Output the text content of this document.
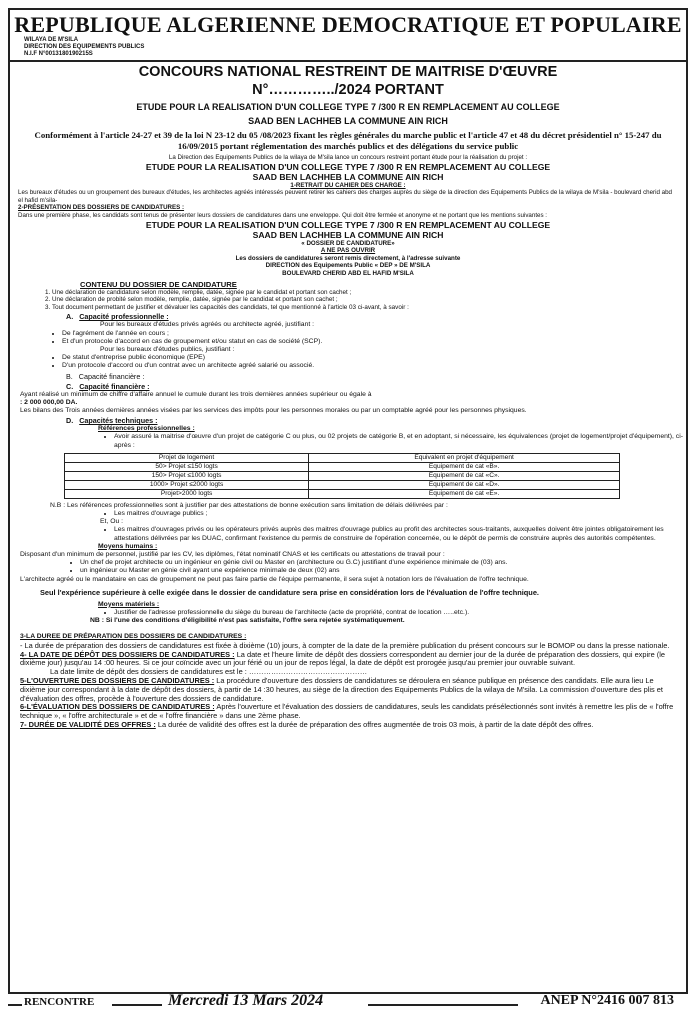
REPUBLIQUE ALGERIENNE DEMOCRATIQUE ET POPULAIRE
WILAYA DE M'SILA
DIRECTION DES EQUIPEMENTS PUBLICS
N.I.F N°0013180190215S
CONCOURS NATIONAL RESTREINT DE MAITRISE D'ŒUVRE
N°…………../2024 PORTANT
ETUDE POUR LA REALISATION D'UN COLLEGE TYPE 7 /300 R EN REMPLACEMENT AU COLLEGE
SAAD BEN LACHHEB LA COMMUNE AIN RICH
Conformément à l'article 24-27 et 39 de la loi N 23-12 du 05 /08/2023 fixant les règles générales du marche public et l'article 47 et 48 du décret présidentiel n° 15-247 du 16/09/2015 portant réglementation des marchés publics et des délégations du service public
La Direction des Equipements Publics de la wilaya de M'sila lance un concours restreint portant étude pour la réalisation du projet :
ETUDE POUR LA REALISATION D'UN COLLEGE TYPE 7 /300 R EN REMPLACEMENT AU COLLEGE
SAAD BEN LACHHEB LA COMMUNE AIN RICH
1-RETRAIT DU CAHIER DES CHARGE :
Les bureaux d'études ou un groupement des bureaux d'études, les architectes agréés intéressés peuvent retirer les cahiers des charges auprès du siège de la direction des Equipements Publics de la wilaya de M'sila - boulevard cherid abd el hafid m'sila-
2-PRÉSENTATION DES DOSSIERS DE CANDIDATURES :
Dans une première phase, les candidats sont tenus de présenter leurs dossiers de candidatures dans une enveloppe. Qui doit être fermée et anonyme et ne portant que les mentions suivantes :
ETUDE POUR LA REALISATION D'UN COLLEGE TYPE 7 /300 R EN REMPLACEMENT AU COLLEGE
SAAD BEN LACHHEB LA COMMUNE AIN RICH
« DOSSIER DE CANDIDATURE»
A NE PAS OUVRIR
Les dossiers de candidatures seront remis directement, à l'adresse suivante
DIRECTION des Equipements Public « DEP » DE M'SILA
BOULEVARD CHERID ABD EL HAFID M'SILA
CONTENU DU DOSSIER DE CANDIDATURE
1. Une déclaration de candidature selon modèle, remplie, datée, signée par le candidat et portant son cachet ;
2. Une déclaration de probité selon modèle, remplie, datée, signée par le candidat et portant son cachet ;
3. Tout document permettant de justifier et dévaluer les capacités des candidats, tel que mentionné à l'article 03 ci-avant, à savoir :
A. Capacité professionnelle :
Pour les bureaux d'études privés agréés ou architecte agréé, justifiant :
• De l'agrément de l'année en cours ;
• Et d'un protocole d'accord en cas de groupement et/ou statut en cas de société (SCP).
Pour les bureaux d'études publics, justifiant :
• De statut d'entreprise public économique (EPE)
• D'un protocole d'accord ou d'un contrat avec un architecte agréé salarié ou associé.
B. Capacité financière :
C. Capacité financière :
Ayant réalisé un minimum de chiffre d'affaire annuel le cumule durant les trois dernières années supérieur ou égale à
: 2 000 000,00 DA.
Les bilans des Trois années dernières années visées par les services des impôts pour les personnes morales ou par un comptable agréé pour les personnes physiques.
D. Capacités techniques :
Références professionnelles :
• Avoir assuré la maitrise d'œuvre d'un projet de catégorie C ou plus, ou 02 projets de catégorie B, et en adoptant, si nécessaire, les équivalences (projet de logement/projet d'équipement), ci-après :
Projet de logement	Equivalent en projet d'équipement
50> Projet ≤150 logts	Equipement de cat «B».
150> Projet ≤1000 logts	Equipement de cat «C».
1000> Projet ≤2000 logts	Equipement de cat «D».
Projet>2000 logts	Equipement de cat «E».
N.B : Les références professionnelles sont à justifier par des attestations de bonne exécution sans limitation de délais délivrées par :
• Les maitres d'ouvrage publics ;
Et, Ou :
• Les maitres d'ouvrages privés ou les opérateurs privés auprès des maitres d'ouvrage publics au profit des architectes sous-traitants, auxquelles doivent être jointes obligatoirement les attestations délivrées par les DUAC, confirmant l'existence du permis de construire de l'opération concernée, ou le dépôt de permis de construire auprès des autorités compétentes.
Moyens humains :
Disposant d'un minimum de personnel, justifié par les CV, les diplômes, l'état nominatif CNAS et les certificats ou attestations de travail pour :
• Un chef de projet architecte ou un ingénieur en génie civil ou Master en (architecture ou G.C) justifiant d'une expérience minimale de (03) ans.
• un ingénieur ou Master en génie civil ayant une expérience minimale de deux (02) ans
L'architecte agréé ou le mandataire en cas de groupement ne peut pas faire partie de l'équipe permanente, il sera sujet à notation lors de l'évaluation de l'offre technique.
Seul l'expérience supérieure à celle exigée dans le dossier de candidature sera prise en considération lors de l'évaluation de l'offre technique.
Moyens matériels :
• Justifier de l'adresse professionnelle du siège du bureau de l'architecte (acte de propriété, contrat de location …..etc.).
NB : Si l'une des conditions d'éligibilité n'est pas satisfaite, l'offre sera rejetée systématiquement.
3-LA DUREE DE PRÉPARATION DES DOSSIERS DE CANDIDATURES :
- La durée de préparation des dossiers de candidatures est fixée à dixième (10) jours, à compter de la date de la première publication du présent concours sur le BOMOP ou dans la presse nationale.
4- LA DATE DE DÉPÔT DES DOSSIERS DE CANDIDATURES : La date et l'heure limite de dépôt des dossiers correspondent au dernier jour de la durée de préparation des dossiers, qui expire (le dixième jour) jusqu'au 14 :00 heures. Si ce jour coïncide avec un jour férié ou un jour de repos légal, la date de dépôt est prorogée jusqu'au premier jour ouvrable suivant.
La date limite de dépôt des dossiers de candidatures est le : …………………………………………
5-L'OUVERTURE DES DOSSIERS DE CANDIDATURES : La procédure d'ouverture des dossiers de candidatures se déroulera en séance publique en présence des candidats. Elle aura lieu Le dixième jour correspondant à la date de dépôt des dossiers, à partir de 14 :30 heures, au siège de la direction des Equipements Publics de la wilaya de M'sila. La commission d'ouverture des plis et d'évaluation des offres, procède à l'ouverture des dossiers de candidature.
6-L'ÉVALUATION DES DOSSIERS DE CANDIDATURES : Après l'ouverture et l'évaluation des dossiers de candidatures, seuls les candidats présélectionnés sont invités à remettre les plis de « l'offre technique », « l'offre architecturale » et de « l'offre financière » dans une 2ème phase.
7- DURÉE DE VALIDITÉ DES OFFRES : La durée de validité des offres est la durée de préparation des offres augmentée de trois 03 mois, à partir de la date dépôt des offres.
RENCONTRE	Mercredi 13 Mars 2024	ANEP N°2416 007 813
